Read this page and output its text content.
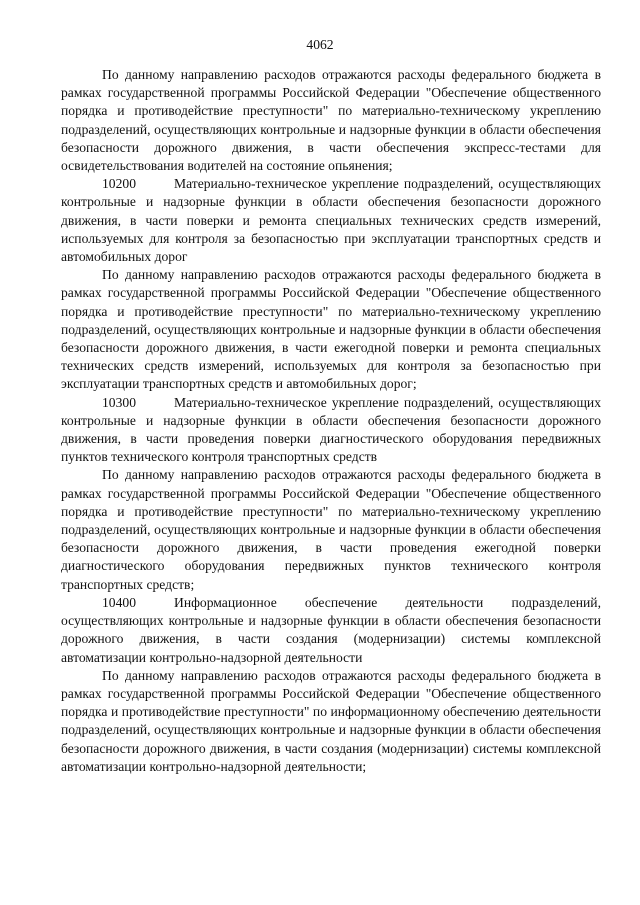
4062

По данному направлению расходов отражаются расходы федерального бюджета в рамках государственной программы Российской Федерации "Обеспечение общественного порядка и противодействие преступности" по материально-техническому укреплению подразделений, осуществляющих контрольные и надзорные функции в области обеспечения безопасности дорожного движения, в части обеспечения экспресс-тестами для освидетельствования водителей на состояние опьянения;

10200	Материально-техническое укрепление подразделений, осуществляющих контрольные и надзорные функции в области обеспечения безопасности дорожного движения, в части поверки и ремонта специальных технических средств измерений, используемых для контроля за безопасностью при эксплуатации транспортных средств и автомобильных дорог

По данному направлению расходов отражаются расходы федерального бюджета в рамках государственной программы Российской Федерации "Обеспечение общественного порядка и противодействие преступности" по материально-техническому укреплению подразделений, осуществляющих контрольные и надзорные функции в области обеспечения безопасности дорожного движения, в части ежегодной поверки и ремонта специальных технических средств измерений, используемых для контроля за безопасностью при эксплуатации транспортных средств и автомобильных дорог;

10300	Материально-техническое укрепление подразделений, осуществляющих контрольные и надзорные функции в области обеспечения безопасности дорожного движения, в части проведения поверки диагностического оборудования передвижных пунктов технического контроля транспортных средств

По данному направлению расходов отражаются расходы федерального бюджета в рамках государственной программы Российской Федерации "Обеспечение общественного порядка и противодействие преступности" по материально-техническому укреплению подразделений, осуществляющих контрольные и надзорные функции в области обеспечения безопасности дорожного движения, в части проведения ежегодной поверки диагностического оборудования передвижных пунктов технического контроля транспортных средств;

10400	Информационное обеспечение деятельности подразделений, осуществляющих контрольные и надзорные функции в области обеспечения безопасности дорожного движения, в части создания (модернизации) системы комплексной автоматизации контрольно-надзорной деятельности

По данному направлению расходов отражаются расходы федерального бюджета в рамках государственной программы Российской Федерации "Обеспечение общественного порядка и противодействие преступности" по информационному обеспечению деятельности подразделений, осуществляющих контрольные и надзорные функции в области обеспечения безопасности дорожного движения, в части создания (модернизации) системы комплексной автоматизации контрольно-надзорной деятельности;
